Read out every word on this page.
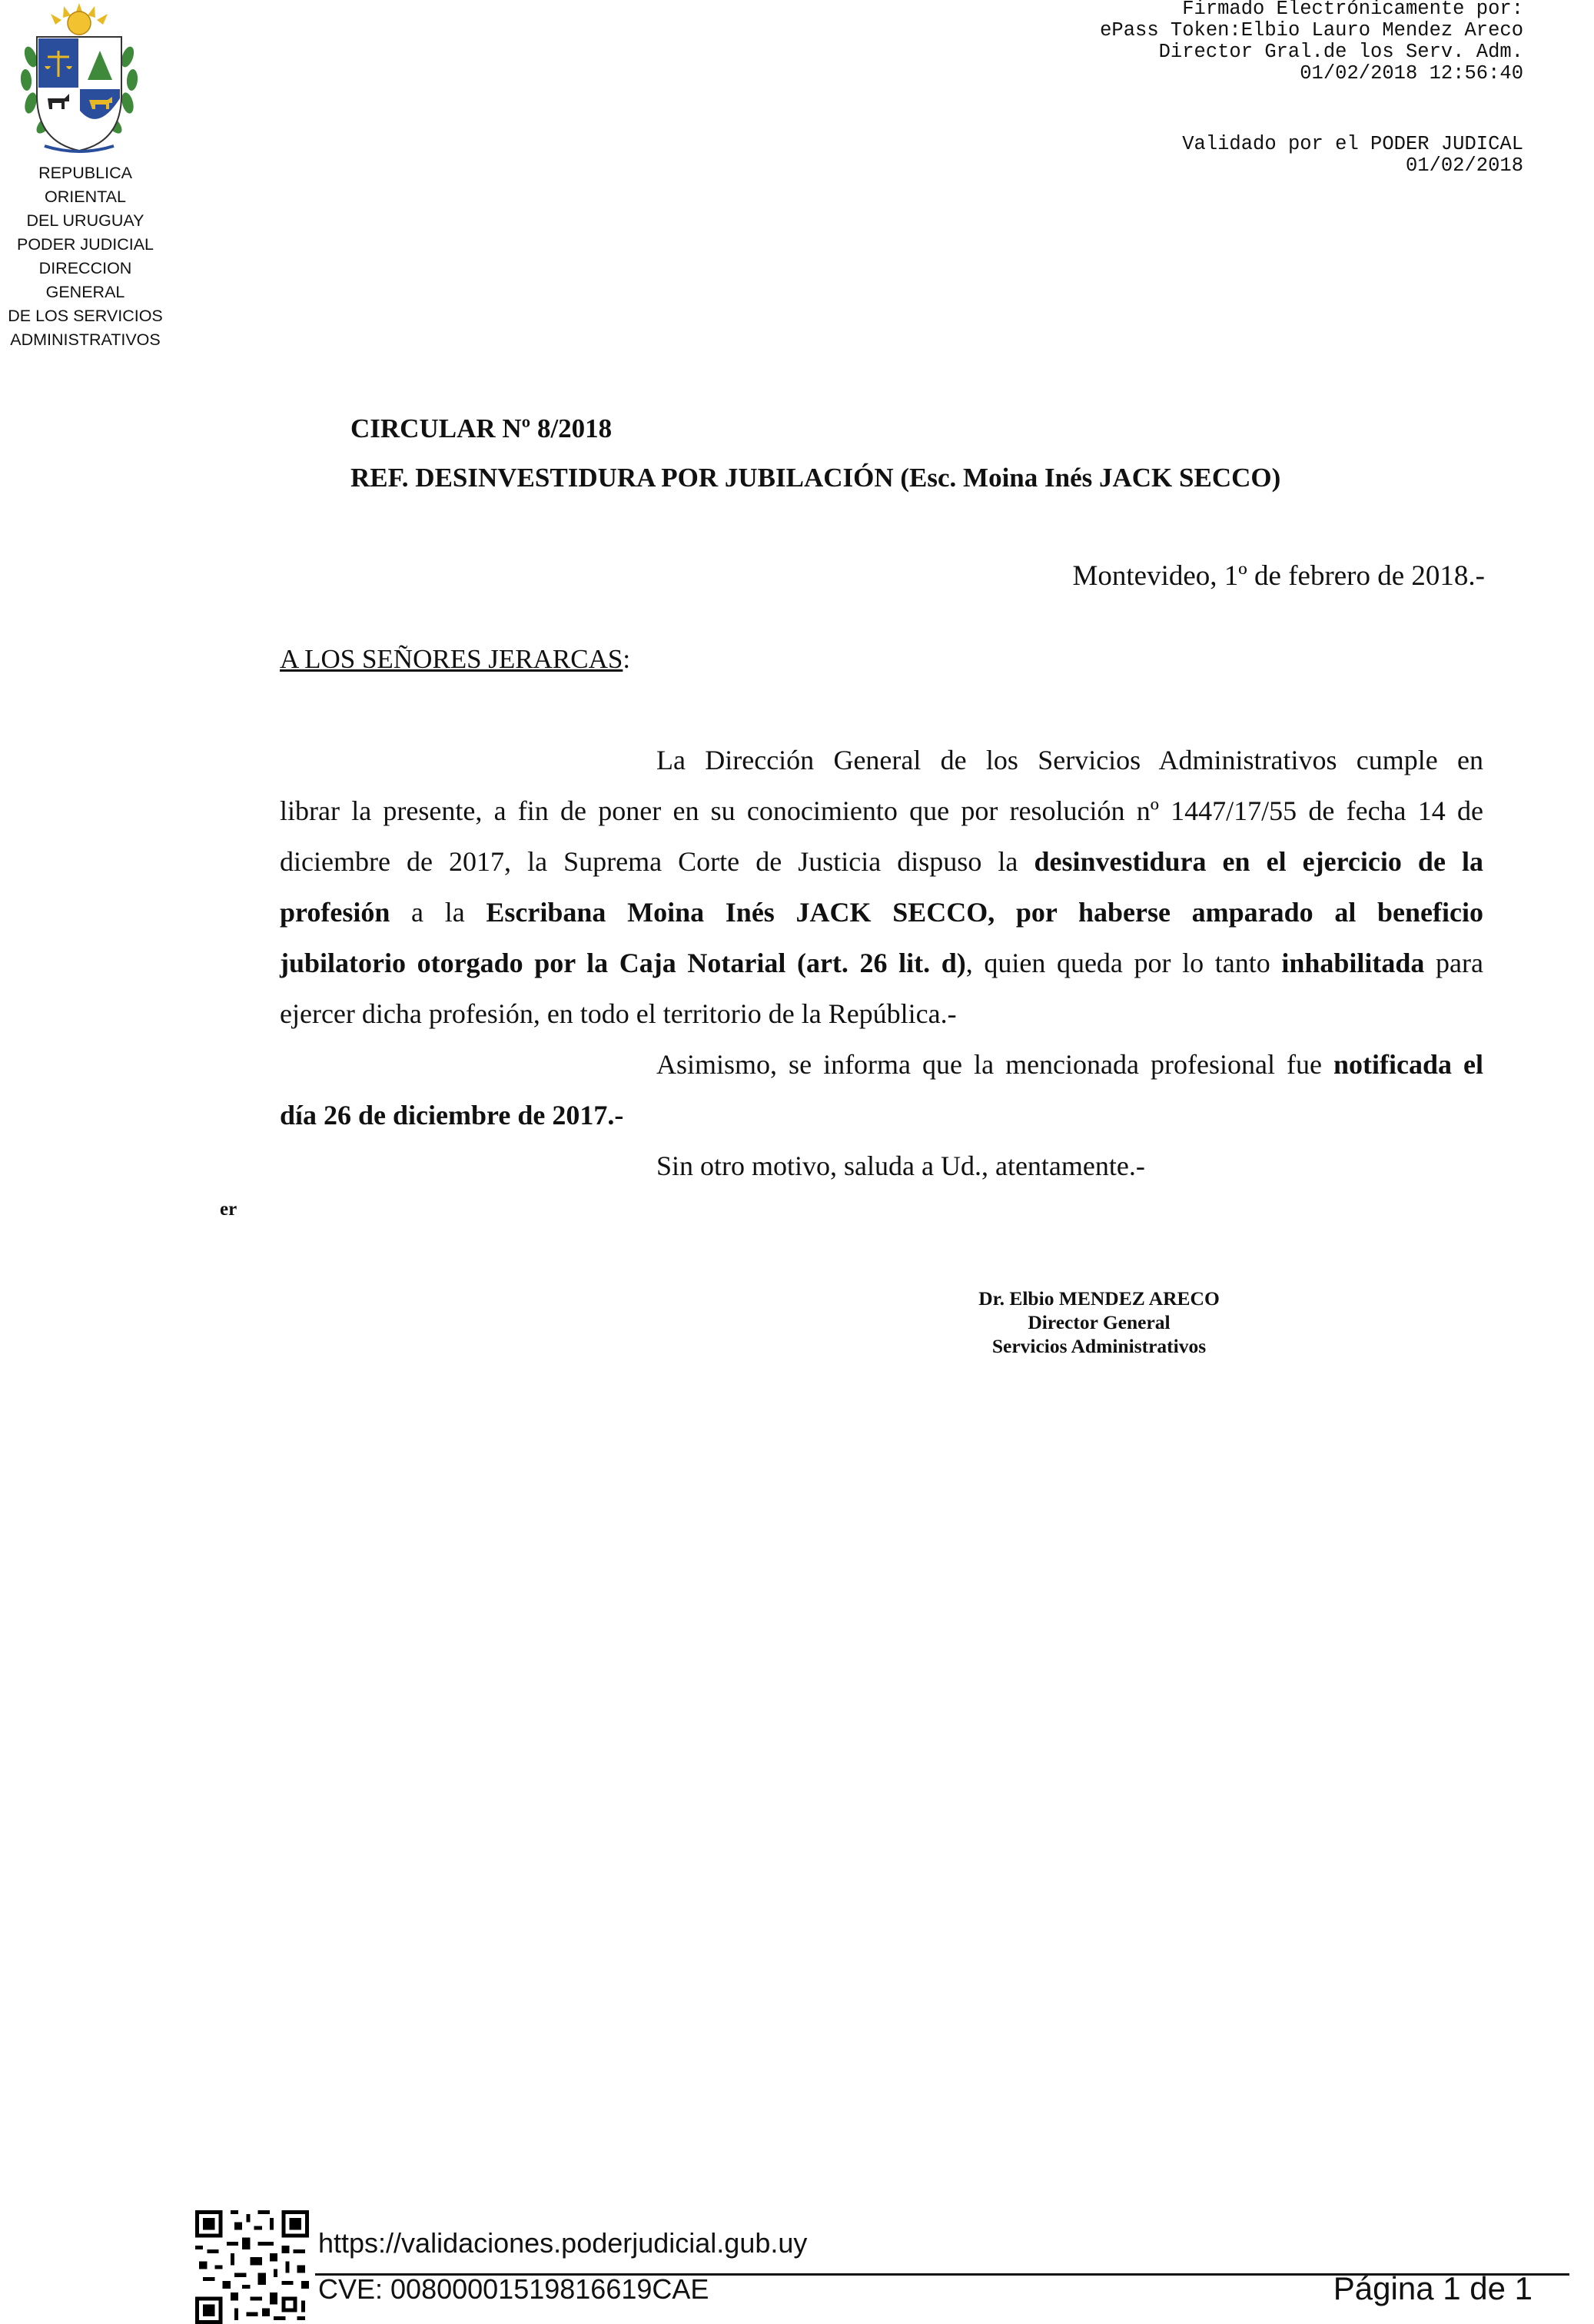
REPUBLICA ORIENTAL
DEL URUGUAY
PODER JUDICIAL
DIRECCION GENERAL
DE LOS SERVICIOS
ADMINISTRATIVOS
Firmado Electrónicamente por:
ePass Token:Elbio Lauro Mendez Areco
Director Gral.de los Serv. Adm.
01/02/2018 12:56:40
Validado por el PODER JUDICAL
01/02/2018
CIRCULAR Nº 8/2018
REF. DESINVESTIDURA POR JUBILACIÓN (Esc. Moina Inés JACK SECCO)
Montevideo, 1º de febrero de 2018.-
A LOS SEÑORES JERARCAS:
La Dirección General de los Servicios Administrativos cumple en
librar la presente, a fin de poner en su conocimiento que por resolución nº 1447/17/55 de fecha 14 de
diciembre de 2017, la Suprema Corte de Justicia dispuso la desinvestidura en el ejercicio de la
profesión a la Escribana Moina Inés JACK SECCO, por haberse amparado al beneficio
jubilatorio otorgado por la Caja Notarial (art. 26 lit. d), quien queda por lo tanto inhabilitada para
ejercer dicha profesión, en todo el territorio de la República.-
Asimismo, se informa que la mencionada profesional fue notificada el
día 26 de diciembre de 2017.-
Sin otro motivo, saluda a Ud., atentamente.-
er
Dr. Elbio MENDEZ ARECO
Director General
Servicios Administrativos
https://validaciones.poderjudicial.gub.uy
CVE: 00800001519816619CAE	Página 1 de 1
